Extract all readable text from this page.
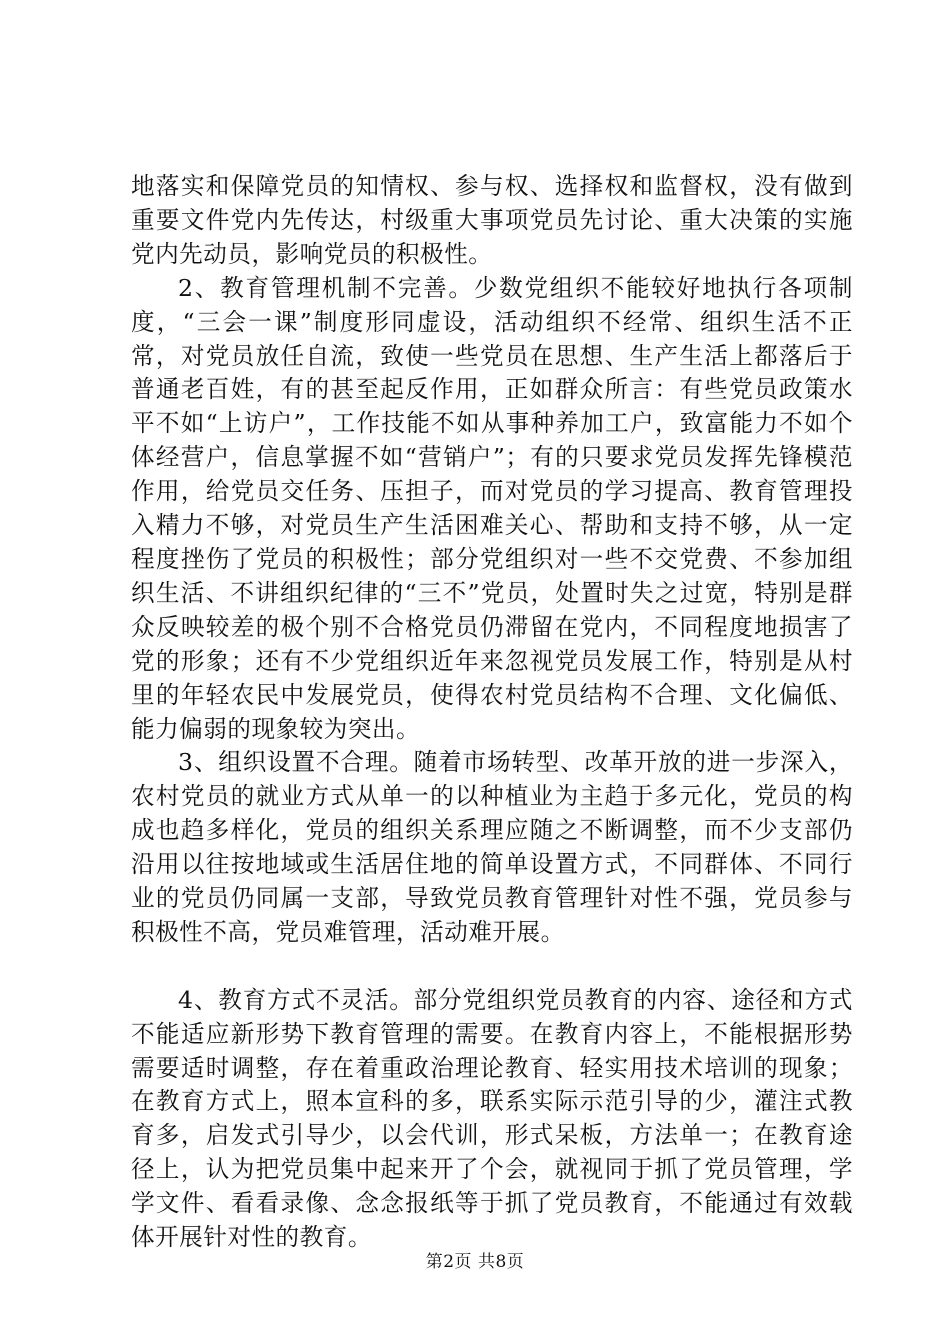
地落实和保障党员的知情权、参与权、选择权和监督权，没有做到重要文件党内先传达，村级重大事项党员先讨论、重大决策的实施党内先动员，影响党员的积极性。

2、教育管理机制不完善。少数党组织不能较好地执行各项制度，“三会一课”制度形同虚设，活动组织不经常、组织生活不正常，对党员放任自流，致使一些党员在思想、生产生活上都落后于普通老百姓，有的甚至起反作用，正如群众所言：有些党员政策水平不如“上访户”，工作技能不如从事种养加工户，致富能力不如个体经营户，信息掌握不如“营销户”；有的只要求党员发挥先锋模范作用，给党员交任务、压担子，而对党员的学习提高、教育管理投入精力不够，对党员生产生活困难关心、帮助和支持不够，从一定程度挫伤了党员的积极性；部分党组织对一些不交党费、不参加组织生活、不讲组织纪律的“三不”党员，处置时失之过宽，特别是群众反映较差的极个别不合格党员仍滞留在党内，不同程度地损害了党的形象；还有不少党组织近年来忽视党员发展工作，特别是从村里的年轻农民中发展党员，使得农村党员结构不合理、文化偏低、能力偏弱的现象较为突出。

3、组织设置不合理。随着市场转型、改革开放的进一步深入，农村党员的就业方式从单一的以种植业为主趋于多元化，党员的构成也趋多样化，党员的组织关系理应随之不断调整，而不少支部仍沿用以往按地域或生活居住地的简单设置方式，不同群体、不同行业的党员仍同属一支部，导致党员教育管理针对性不强，党员参与积极性不高，党员难管理，活动难开展。

4、教育方式不灵活。部分党组织党员教育的内容、途径和方式不能适应新形势下教育管理的需要。在教育内容上，不能根据形势需要适时调整，存在着重政治理论教育、轻实用技术培训的现象；在教育方式上，照本宣科的多，联系实际示范引导的少，灌注式教育多，启发式引导少，以会代训，形式呆板，方法单一；在教育途径上，认为把党员集中起来开了个会，就视同于抓了党员管理，学学文件、看看录像、念念报纸等于抓了党员教育，不能通过有效载体开展针对性的教育。

第2页 共8页
